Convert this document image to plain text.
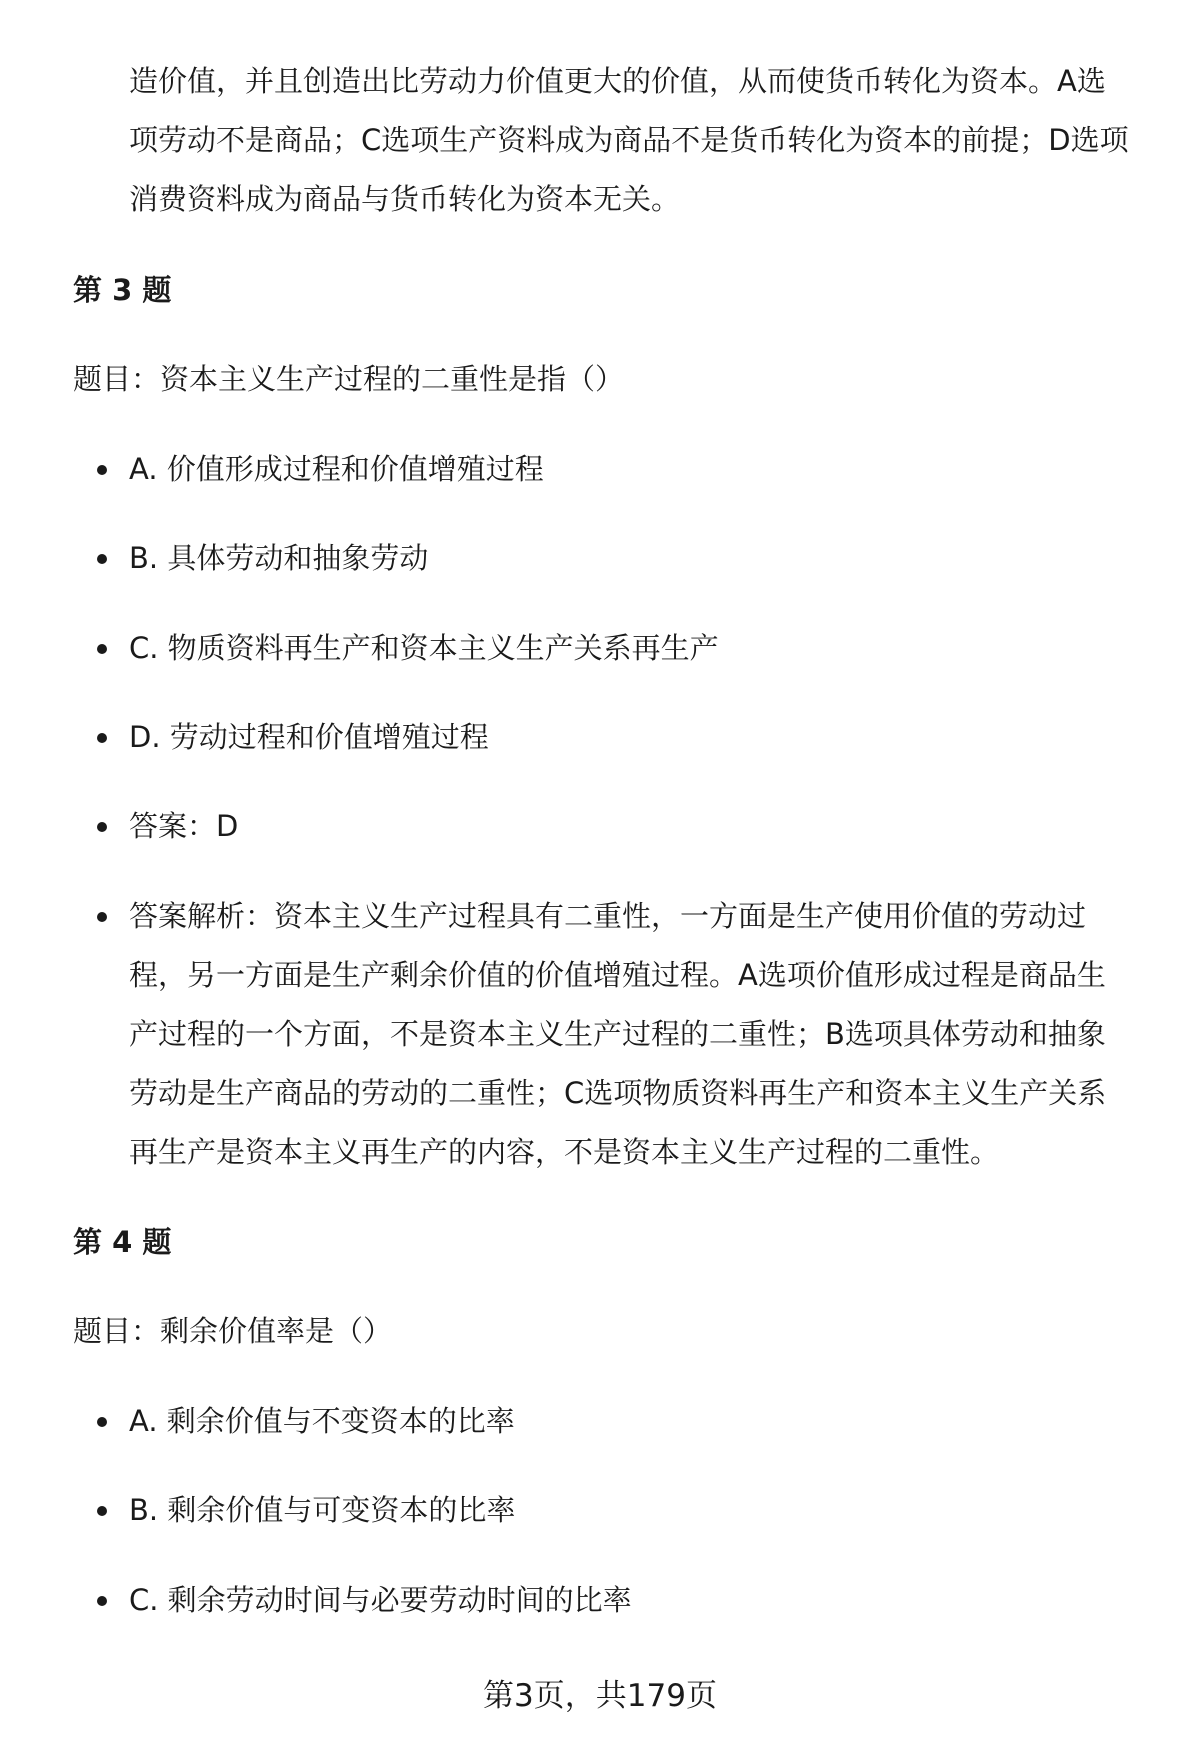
造价值，并且创造出比劳动力价值更大的价值，从而使货币转化为资本。A选
项劳动不是商品；C选项生产资料成为商品不是货币转化为资本的前提；D选项
消费资料成为商品与货币转化为资本无关。
第 3 题
题目：资本主义生产过程的二重性是指（）
A. 价值形成过程和价值增殖过程
B. 具体劳动和抽象劳动
C. 物质资料再生产和资本主义生产关系再生产
D. 劳动过程和价值增殖过程
答案：D
答案解析：资本主义生产过程具有二重性，一方面是生产使用价值的劳动过
程，另一方面是生产剩余价值的价值增殖过程。A选项价值形成过程是商品生
产过程的一个方面，不是资本主义生产过程的二重性；B选项具体劳动和抽象
劳动是生产商品的劳动的二重性；C选项物质资料再生产和资本主义生产关系
再生产是资本主义再生产的内容，不是资本主义生产过程的二重性。
第 4 题
题目：剩余价值率是（）
A. 剩余价值与不变资本的比率
B. 剩余价值与可变资本的比率
C. 剩余劳动时间与必要劳动时间的比率
第3页，共179页
